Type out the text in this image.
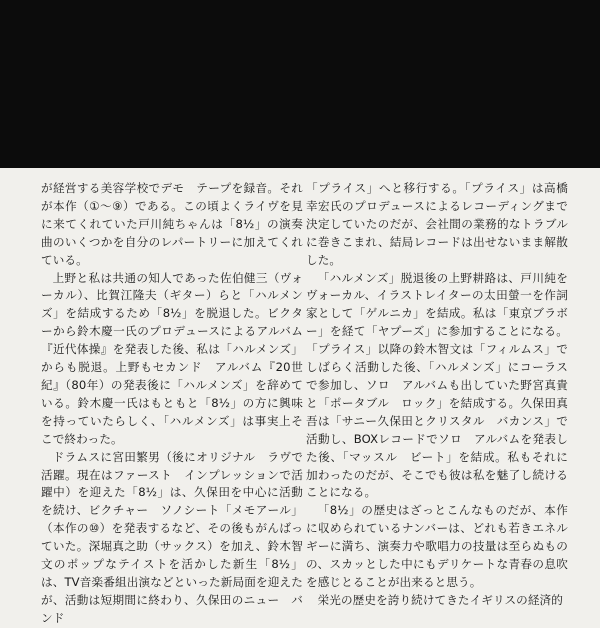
が経営する美容学校でデモ　テープを録音。それが本作（①〜⑨）である。この頃よくライヴを見に来てくれていた戸川純ちゃんは「8½」の演奏曲のいくつかを自分のレパートリーに加えてくれている。

上野と私は共通の知人であった佐伯健三（ヴォーカル）、比賀江隆夫（ギター）らと「ハルメンズ」を結成するため「8½」を脱退した。ビクターから鈴木慶一氏のプロデュースによるアルバム『近代体操』を発表した後、私は「ハルメンズ」からも脱退。上野もセカンド　アルバム『20世紀』（80年）の発表後に「ハルメンズ」を辞めている。鈴木慶一氏はもともと「8½」の方に興味を持っていたらしく、「ハルメンズ」は事実上そこで終わった。

ドラムスに宮田繁男（後にオリジナル　ラヴで活躍。現在はファースト　インプレッションで活躍中）を迎えた「8½」は、久保田を中心に活動を続け、ビクチャー　ソノシート「メモアール」（本作の⑩）を発表するなど、その後もがんばっていた。深堀真之助（サックス）を加え、鈴木智文のポップなテイストを活かした新生「8½」は、TV音楽番組出演などといった新局面を迎えたが、活動は短期間に終わり、久保田のニュー　バンド

「プライス」へと移行する。「プライス」は高橋幸宏氏のプロデュースによるレコーディングまで決定していたのだが、会社間の業務的なトラブルに巻きこまれ、結局レコードは出せないまま解散した。

「ハルメンズ」脱退後の上野耕路は、戸川純をヴォーカル、イラストレイターの太田螢一を作詞家として「ゲルニカ」を結成。私は「東京ブラボー」を経て「ヤプーズ」に参加することになる。「プライス」以降の鈴木智文は「フィルムス」でしばらく活動した後、「ハルメンズ」にコーラスで参加し、ソロ　アルバムも出していた野宮真貴と「ポータブル　ロック」を結成する。久保田真吾は「サニー久保田とクリスタル　バカンス」で活動し、BOXレコードでソロ　アルバムを発表した後、「マッスル　ビート」を結成。私もそれに加わったのだが、そこでも彼は私を魅了し続けることになる。

「8½」の歴史はざっとこんなものだが、本作に収められているナンバーは、どれも若きエネルギーに満ち、演奏力や歌唱力の技量は至らぬものの、スカッとした中にもデリケートな青春の息吹を感じとることが出来ると思う。

栄光の歴史を誇り続けてきたイギリスの経済的
